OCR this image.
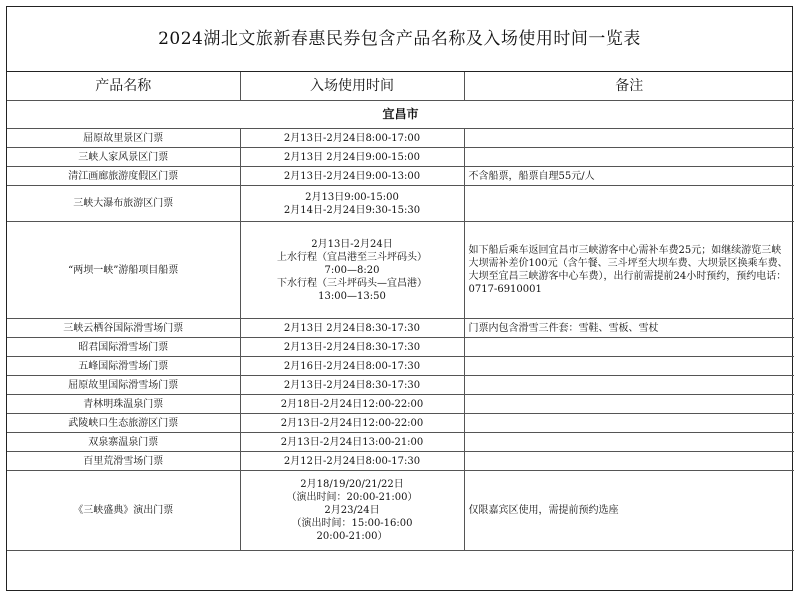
2024湖北文旅新春惠民券包含产品名称及入场使用时间一览表
产品名称	入场使用时间	备注
宜昌市		
屈原故里景区门票	2月13日-2月24日8:00-17:00	

三峡人家风景区门票	2月13日 2月24日9:00-15:00	

清江画廊旅游度假区门票	2月13日-2月24日9:00-13:00	不含船票，船票自理55元/人
三峡大瀑布旅游区门票	2月13日9:00-15:00
2月14日-2月24日9:30-15:30	

“两坝一峡”游船项目船票	2月13日-2月24日
上水行程（宜昌港至三斗坪码头）
7:00—8:20
下水行程（三斗坪码头—宜昌港）
13:00—13:50	如下船后乘车返回宜昌市三峡游客中心需补车费25元；如继续游览三峡大坝需补差价100元（含午餐、三斗坪至大坝车费、大坝景区换乘车费、大坝至宜昌三峡游客中心车费），出行前需提前24小时预约，预约电话：0717-6910001
三峡云栖谷国际滑雪场门票	2月13日 2月24日8:30-17:30	门票内包含滑雪三件套：雪鞋、雪板、雪杖
昭君国际滑雪场门票	2月13日-2月24日8:30-17:30	

五峰国际滑雪场门票	2月16日-2月24日8:00-17:30	

屈原故里国际滑雪场门票	2月13日-2月24日8:30-17:30	

青林明珠温泉门票	2月18日-2月24日12:00-22:00	

武陵峡口生态旅游区门票	2月13日-2月24日12:00-22:00	

双泉寨温泉门票	2月13日-2月24日13:00-21:00	

百里荒滑雪场门票	2月12日-2月24日8:00-17:30	

《三峡盛典》演出门票	2月18/19/20/21/22日
（演出时间：20:00-21:00）
2月23/24日
（演出时间：15:00-16:00
20:00-21:00）	仅限嘉宾区使用，需提前预约选座
